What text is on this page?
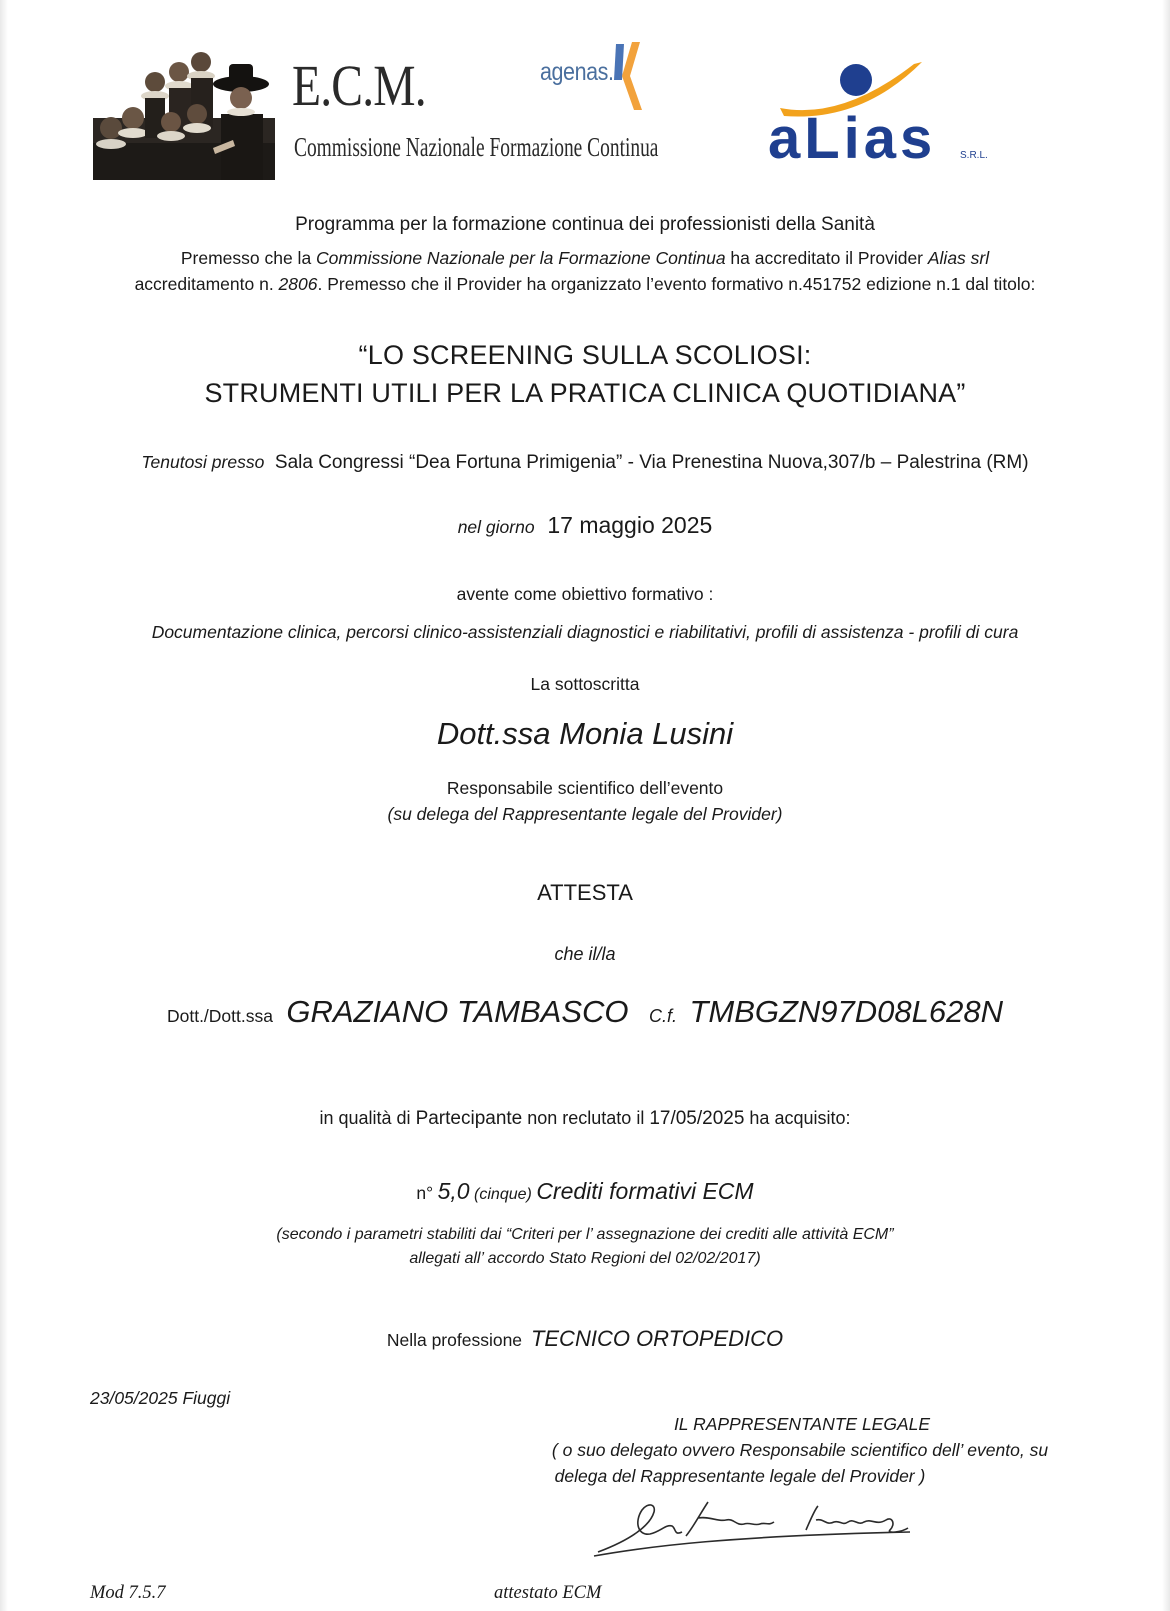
E.C.M.
Commissione Nazionale Formazione Continua
agenas.
aLias S.R.L.
Programma per la formazione continua dei professionisti della Sanità
Premesso che la Commissione Nazionale per la Formazione Continua ha accreditato il Provider Alias srl
accreditamento n. 2806. Premesso che il Provider ha organizzato l’evento formativo n.451752 edizione n.1 dal titolo:
“LO SCREENING SULLA SCOLIOSI:
STRUMENTI UTILI PER LA PRATICA CLINICA QUOTIDIANA”
Tenutosi presso Sala Congressi “Dea Fortuna Primigenia” - Via Prenestina Nuova,307/b – Palestrina (RM)
nel giorno 17 maggio 2025
avente come obiettivo formativo :
Documentazione clinica, percorsi clinico-assistenziali diagnostici e riabilitativi, profili di assistenza - profili di cura
La sottoscritta
Dott.ssa Monia Lusini
Responsabile scientifico dell’evento
(su delega del Rappresentante legale del Provider)
ATTESTA
che il/la
Dott./Dott.ssa GRAZIANO TAMBASCO C.f. TMBGZN97D08L628N
in qualità di Partecipante non reclutato il 17/05/2025 ha acquisito:
n° 5,0 (cinque) Crediti formativi ECM
(secondo i parametri stabiliti dai “Criteri per l’ assegnazione dei crediti alle attività ECM”
allegati all’ accordo Stato Regioni del 02/02/2017)
Nella professione TECNICO ORTOPEDICO
23/05/2025 Fiuggi
IL RAPPRESENTANTE LEGALE
( o suo delegato ovvero Responsabile scientifico dell’ evento, su
delega del Rappresentante legale del Provider )
Mod 7.5.7	attestato ECM
